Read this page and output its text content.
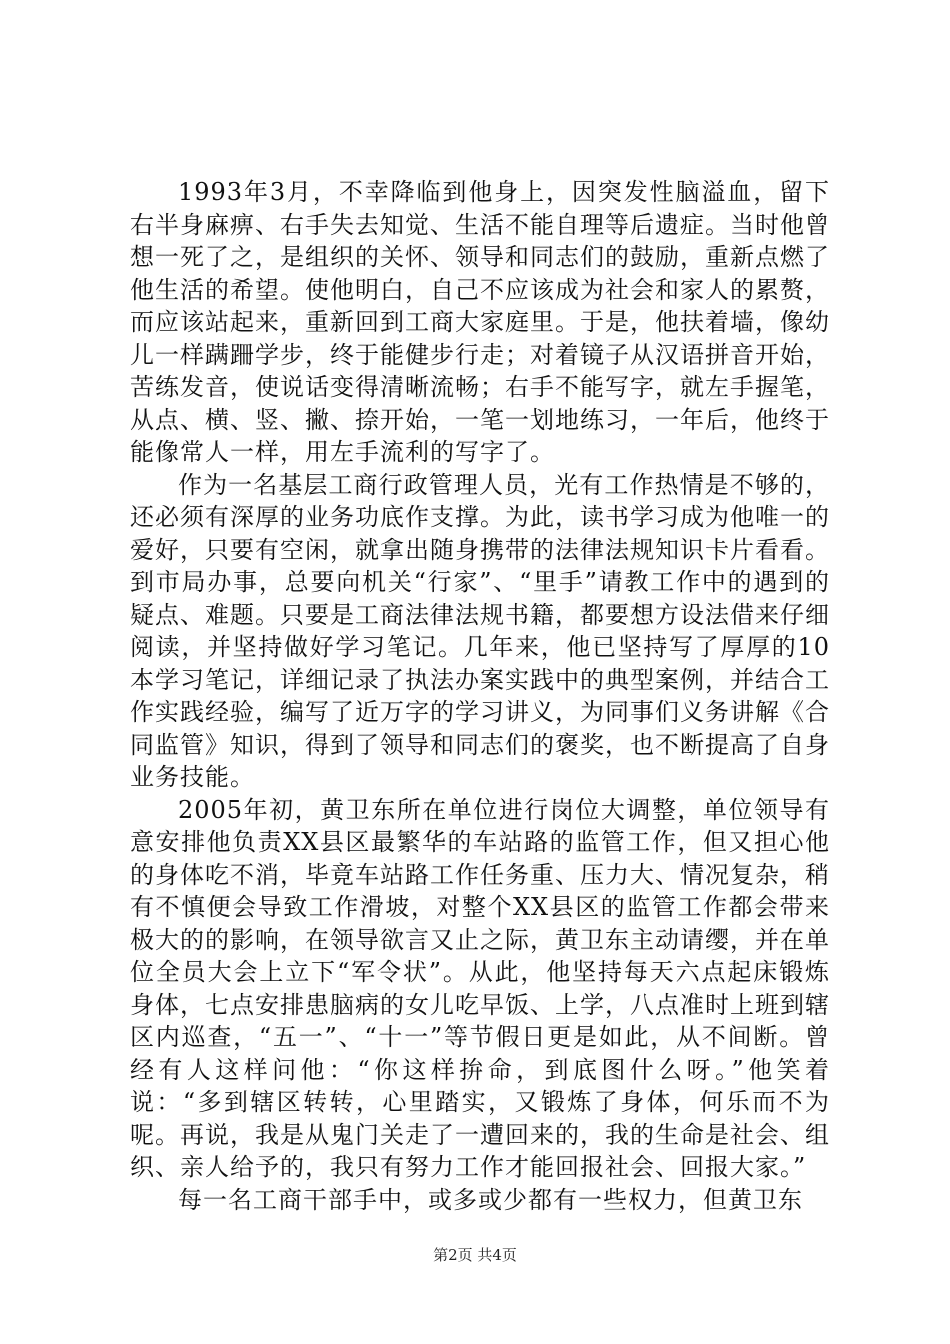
1993年3月，不幸降临到他身上，因突发性脑溢血，留下右半身麻痹、右手失去知觉、生活不能自理等后遗症。当时他曾想一死了之，是组织的关怀、领导和同志们的鼓励，重新点燃了他生活的希望。使他明白，自己不应该成为社会和家人的累赘，而应该站起来，重新回到工商大家庭里。于是，他扶着墙，像幼儿一样蹒跚学步，终于能健步行走；对着镜子从汉语拼音开始，苦练发音，使说话变得清晰流畅；右手不能写字，就左手握笔，从点、横、竖、撇、捺开始，一笔一划地练习，一年后，他终于能像常人一样，用左手流利的写字了。

作为一名基层工商行政管理人员，光有工作热情是不够的，还必须有深厚的业务功底作支撑。为此，读书学习成为他唯一的爱好，只要有空闲，就拿出随身携带的法律法规知识卡片看看。到市局办事，总要向机关“行家”、“里手”请教工作中的遇到的疑点、难题。只要是工商法律法规书籍，都要想方设法借来仔细阅读，并坚持做好学习笔记。几年来，他已坚持写了厚厚的10本学习笔记，详细记录了执法办案实践中的典型案例，并结合工作实践经验，编写了近万字的学习讲义，为同事们义务讲解《合同监管》知识，得到了领导和同志们的褒奖，也不断提高了自身业务技能。

2005年初，黄卫东所在单位进行岗位大调整，单位领导有意安排他负责XX县区最繁华的车站路的监管工作，但又担心他的身体吃不消，毕竟车站路工作任务重、压力大、情况复杂，稍有不慎便会导致工作滑坡，对整个XX县区的监管工作都会带来极大的的影响，在领导欲言又止之际，黄卫东主动请缨，并在单位全员大会上立下“军令状”。从此，他坚持每天六点起床锻炼身体，七点安排患脑病的女儿吃早饭、上学，八点准时上班到辖区内巡查，“五一”、“十一”等节假日更是如此，从不间断。曾经有人这样问他：“你这样拚命，到底图什么呀。”他笑着说：“多到辖区转转，心里踏实，又锻炼了身体，何乐而不为呢。再说，我是从鬼门关走了一遭回来的，我的生命是社会、组织、亲人给予的，我只有努力工作才能回报社会、回报大家。”

每一名工商干部手中，或多或少都有一些权力，但黄卫东

第2页 共4页
